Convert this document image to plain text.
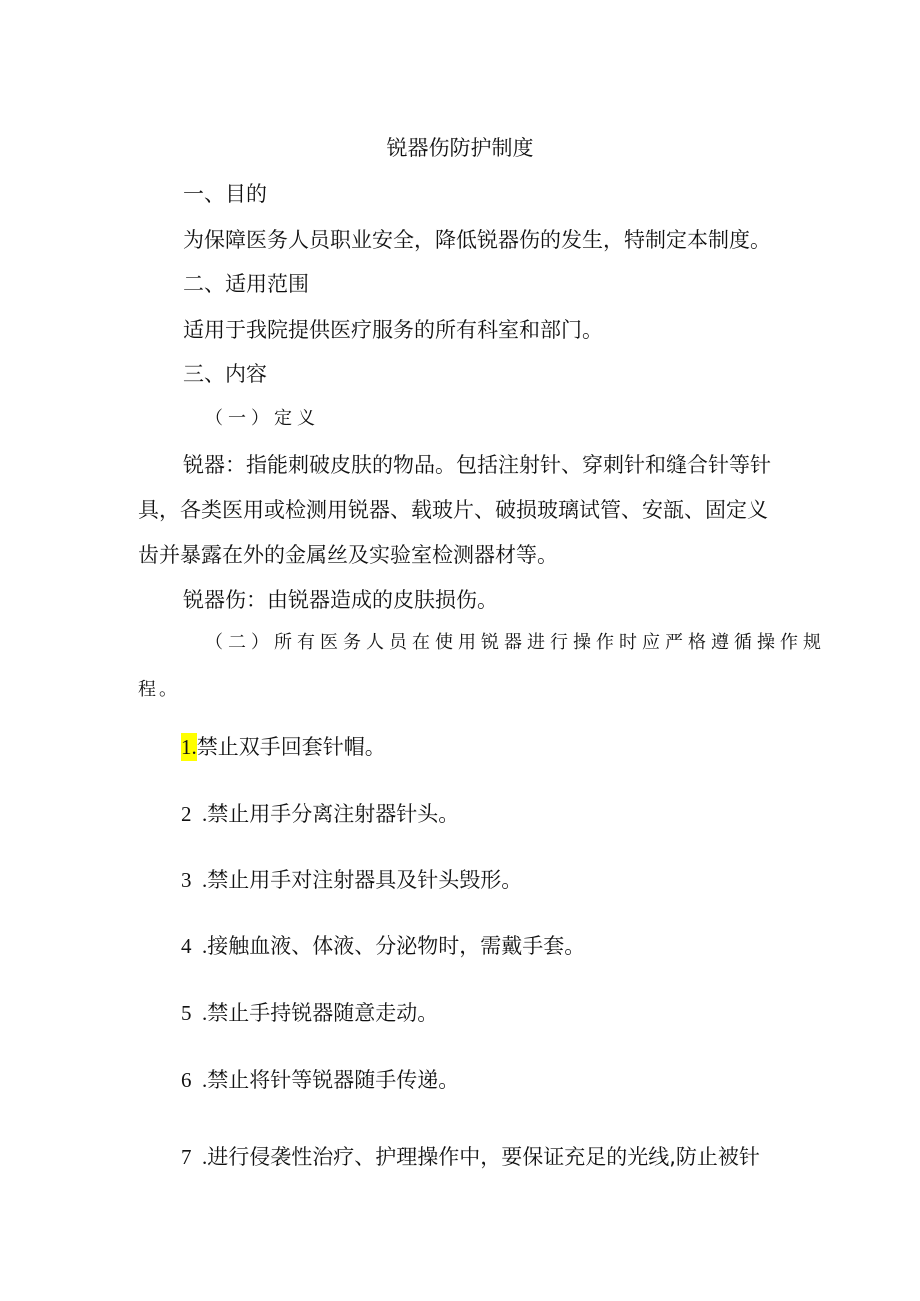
锐器伤防护制度
一、目的
为保障医务人员职业安全，降低锐器伤的发生，特制定本制度。
二、适用范围
适用于我院提供医疗服务的所有科室和部门。
三、内容
（一）定义
锐器：指能刺破皮肤的物品。包括注射针、穿刺针和缝合针等针
具，各类医用或检测用锐器、载玻片、破损玻璃试管、安瓿、固定义
齿并暴露在外的金属丝及实验室检测器材等。
锐器伤：由锐器造成的皮肤损伤。
（二）所有医务人员在使用锐器进行操作时应严格遵循操作规
程。
1.禁止双手回套针帽。
2  .禁止用手分离注射器针头。
3  .禁止用手对注射器具及针头毁形。
4  .接触血液、体液、分泌物时，需戴手套。
5  .禁止手持锐器随意走动。
6  .禁止将针等锐器随手传递。
7  .进行侵袭性治疗、护理操作中，要保证充足的光线,防止被针
